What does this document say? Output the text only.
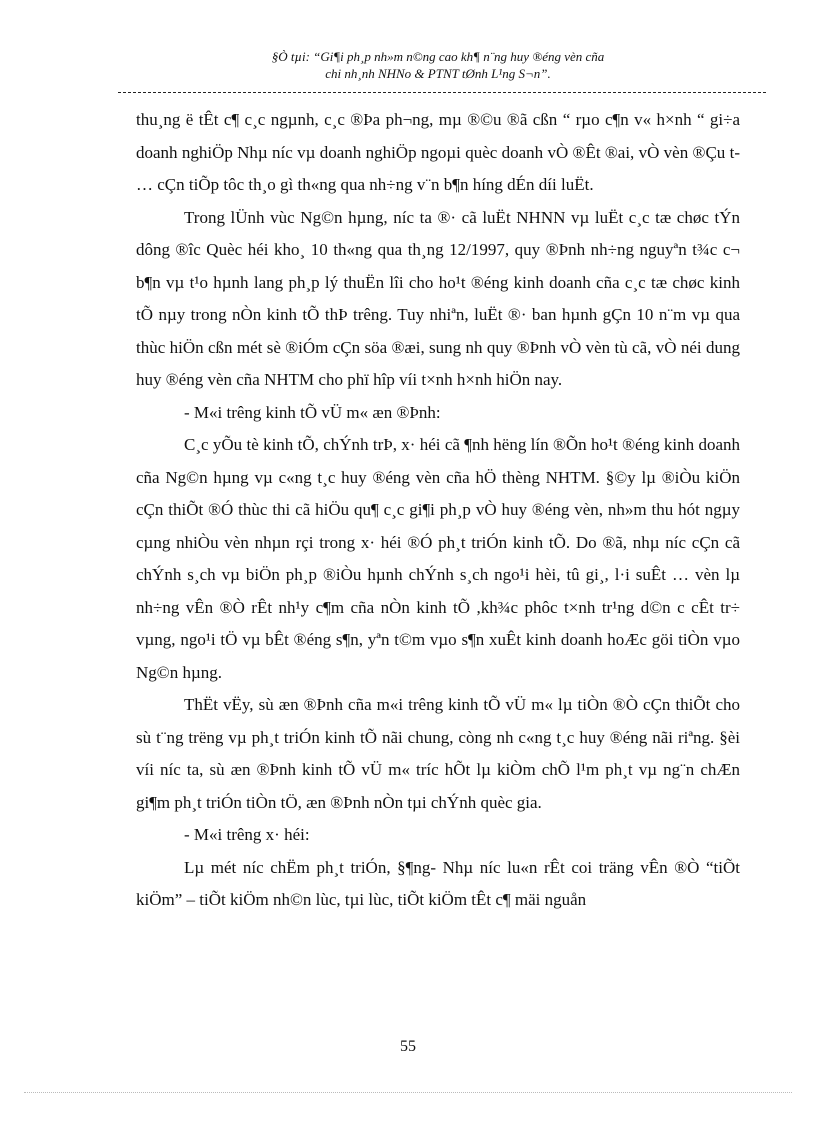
§Ò tµi: “Gi¶i ph¸p nh»m n©ng cao kh¶ n¨ng huy ®éng vèn cña
chi nh¸nh NHNo & PTNT tØnh L¹ng S¬n”.

thu¸ng ë tÊt c¶ c¸c ngµnh, c¸c ®Þa ph¬ng, mµ ®©u ®ã cßn “ rµo c¶n v« h×nh “ gi÷a doanh nghiÖp Nhµ níc vµ doanh nghiÖp ngoµi quèc doanh vÒ ®Êt ®ai, vÒ vèn ®Çu t … cÇn tiÕp tôc th¸o gì th«ng qua nh÷ng v¨n b¶n híng dÉn díi luËt.

Trong lÜnh vùc Ng©n hµng, níc ta ®· cã luËt NHNN vµ luËt c¸c tæ chøc tÝn dông ®îc Quèc héi kho¸ 10 th«ng qua th¸ng 12/1997, quy ®Þnh nh÷ng nguyªn t¾c c¬ b¶n vµ t¹o hµnh lang ph¸p lý thuËn lîi cho ho¹t ®éng kinh doanh cña c¸c tæ chøc kinh tÕ nµy trong nÒn kinh tÕ thÞ trêng. Tuy nhiªn, luËt ®· ban hµnh gÇn 10 n¨m vµ qua thùc hiÖn cßn mét sè ®iÓm cÇn söa ®æi, sung nh quy ®Þnh vÒ vèn tù cã, vÒ néi dung huy ®éng vèn cña NHTM cho phï hîp víi t×nh h×nh hiÖn nay.

- M«i trêng kinh tÕ vÜ m« æn ®Þnh:

C¸c yÕu tè kinh tÕ, chÝnh trÞ, x· héi cã ¶nh hëng lín ®Õn ho¹t ®éng kinh doanh cña Ng©n hµng vµ c«ng t¸c huy ®éng vèn cña hÖ thèng NHTM. §©y lµ ®iÒu kiÖn cÇn thiÕt ®Ó thùc thi cã hiÖu qu¶ c¸c gi¶i ph¸p vÒ huy ®éng vèn, nh»m thu hót ngµy cµng nhiÒu vèn nhµn rçi trong x· héi ®Ó ph¸t triÓn kinh tÕ. Do ®ã, nhµ níc cÇn cã chÝnh s¸ch vµ biÖn ph¸p ®iÒu hµnh chÝnh s¸ch ngo¹i hèi, tû gi¸, l·i suÊt … vèn lµ nh÷ng vÊn ®Ò rÊt nh¹y c¶m cña nÒn kinh tÕ ,kh¾c phôc t×nh tr¹ng d©n c cÊt tr÷ vµng, ngo¹i tÖ vµ bÊt ®éng s¶n, yªn t©m vµo s¶n xuÊt kinh doanh hoÆc göi tiÒn vµo Ng©n hµng.

ThËt vËy, sù æn ®Þnh cña m«i trêng kinh tÕ vÜ m« lµ tiÒn ®Ò cÇn thiÕt cho sù t¨ng trëng vµ ph¸t triÓn kinh tÕ nãi chung, còng nh c«ng t¸c huy ®éng nãi riªng. §èi víi níc ta, sù æn ®Þnh kinh tÕ vÜ m« tríc hÕt lµ kiÒm chÕ l¹m ph¸t vµ ng¨n chÆn gi¶m ph¸t triÓn tiÒn tÖ, æn ®Þnh nÒn tµi chÝnh quèc gia.

- M«i trêng x· héi:

Lµ mét níc chËm ph¸t triÓn, §¶ng- Nhµ níc lu«n rÊt coi träng vÊn ®Ò “tiÕt kiÖm” – tiÕt kiÖm nh©n lùc, tµi lùc, tiÕt kiÖm tÊt c¶ mäi nguån

55
